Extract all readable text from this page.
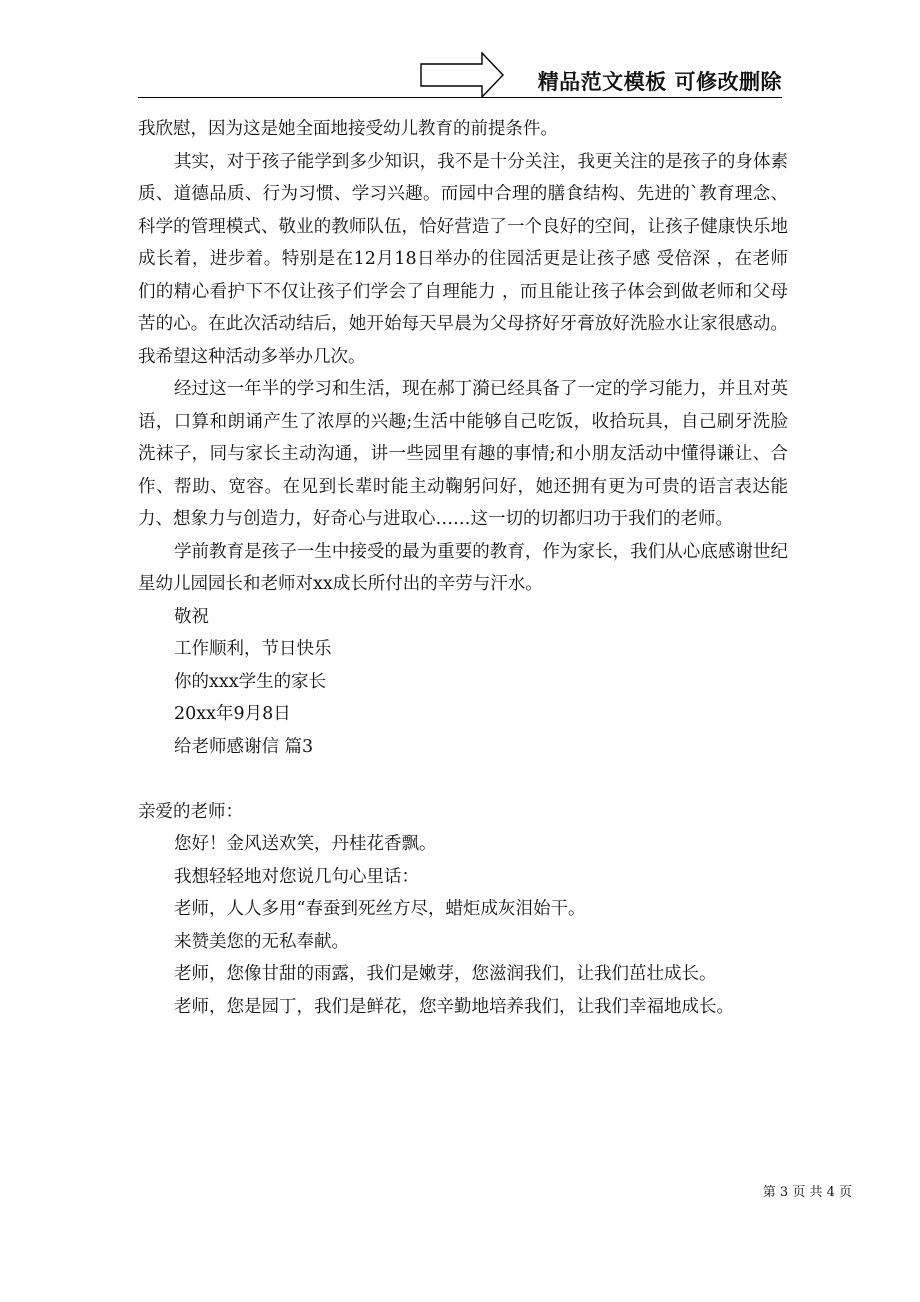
精品范文模板 可修改删除

我欣慰，因为这是她全面地接受幼儿教育的前提条件。

其实，对于孩子能学到多少知识，我不是十分关注，我更关注的是孩子的身体素质、道德品质、行为习惯、学习兴趣。而园中合理的膳食结构、先进的`教育理念、科学的管理模式、敬业的教师队伍，恰好营造了一个良好的空间，让孩子健康快乐地成长着，进步着。特别是在12月18日举办的住园活更是让孩子感 受倍深 ，在老师们的精心看护下不仅让孩子们学会了自理能力 ，而且能让孩子体会到做老师和父母苦的心。在此次活动结后，她开始每天早晨为父母挤好牙膏放好洗脸水让家很感动。我希望这种活动多举办几次。

经过这一年半的学习和生活，现在郝丁漪已经具备了一定的学习能力，并且对英语，口算和朗诵产生了浓厚的兴趣;生活中能够自己吃饭，收拾玩具，自己刷牙洗脸洗袜子，同与家长主动沟通，讲一些园里有趣的事情;和小朋友活动中懂得谦让、合作、帮助、宽容。在见到长辈时能主动鞠躬问好，她还拥有更为可贵的语言表达能力、想象力与创造力，好奇心与进取心……这一切的切都归功于我们的老师。

学前教育是孩子一生中接受的最为重要的教育，作为家长，我们从心底感谢世纪星幼儿园园长和老师对xx成长所付出的辛劳与汗水。

敬祝

工作顺利，节日快乐

你的xxx学生的家长

20xx年9月8日

给老师感谢信 篇3

亲爱的老师：

您好！金风送欢笑，丹桂花香飘。

我想轻轻地对您说几句心里话：

老师，人人多用“春蚕到死丝方尽，蜡炬成灰泪始干。

来赞美您的无私奉献。

老师，您像甘甜的雨露，我们是嫩芽，您滋润我们，让我们茁壮成长。

老师，您是园丁，我们是鲜花，您辛勤地培养我们，让我们幸福地成长。

第 3 页 共 4 页
